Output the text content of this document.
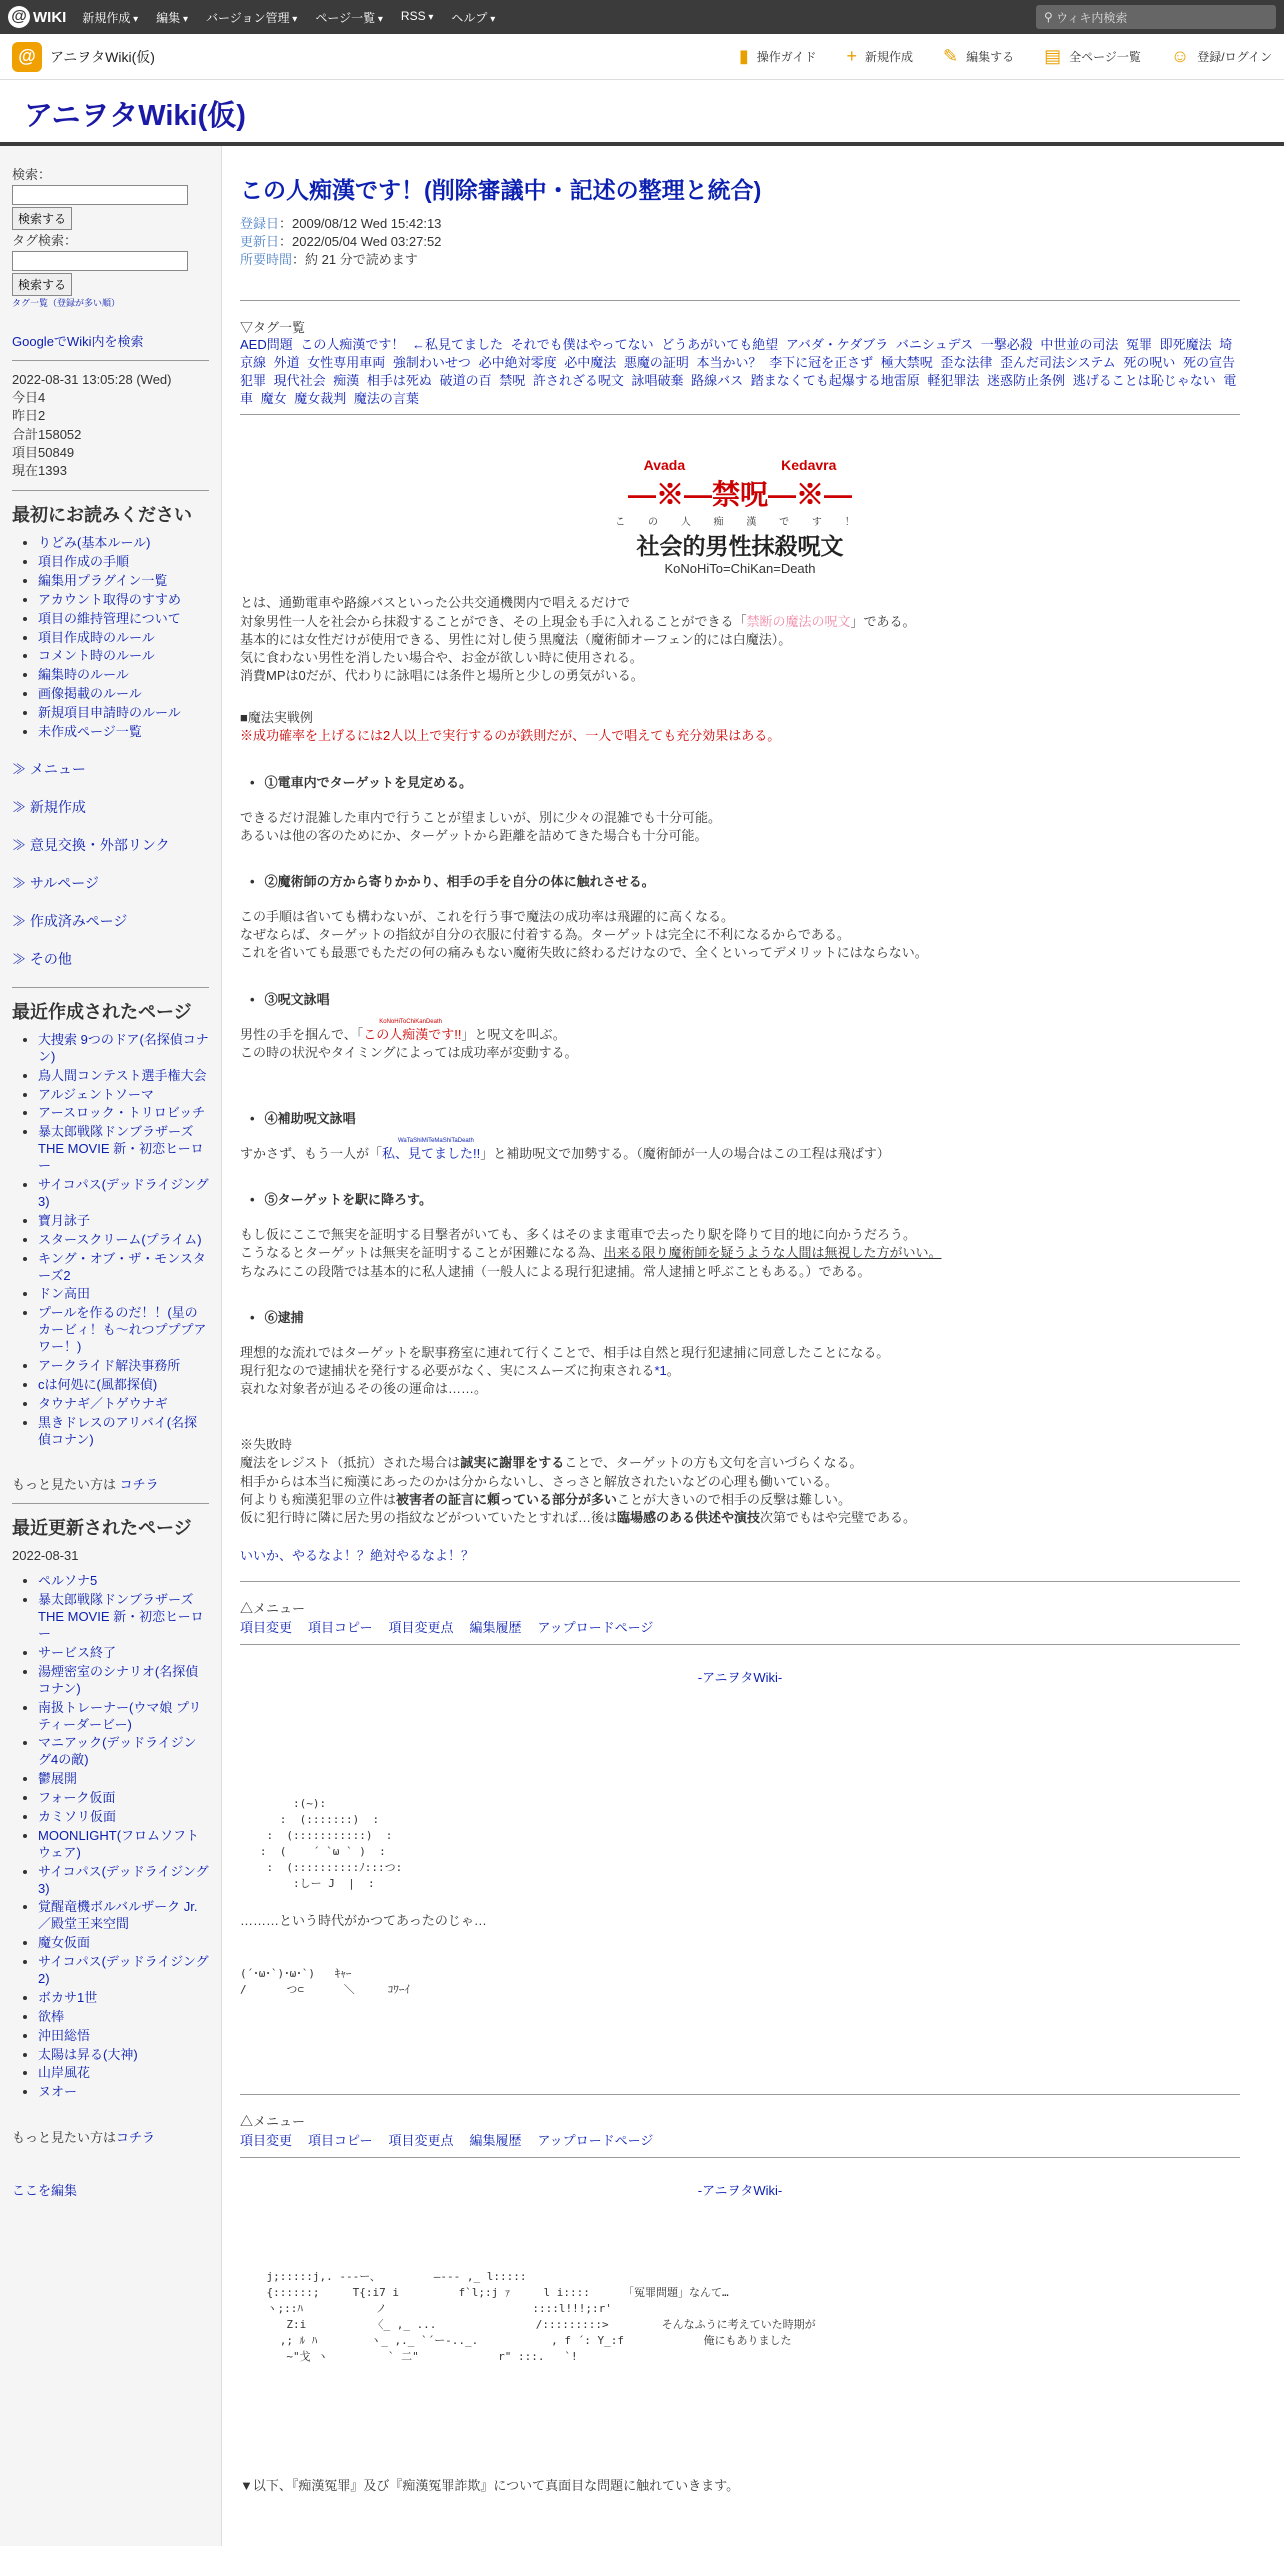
@ WIKI 新規作成 ▾	編集 ▾	バージョン管理 ▾	ページ一覧 ▾	RSS ▾	ヘルプ ▾	⚲ ウィキ内検索
@	アニヲタWiki(仮)	▮ 操作ガイド + 新規作成 ✎ 編集する ▤ 全ページ一覧 ☺ 登録/ログイン
アニヲタWiki(仮)
検索：

検索する
タグ検索：

検索する
タグ一覧（登録が多い順）
GoogleでWiki内を検索
2022-08-31 13:05:28 (Wed)
今日4
昨日2
合計158052
項目50849
現在1393
最初にお読みください
• りどみ(基本ルール)
• 項目作成の手順
• 編集用プラグイン一覧
• アカウント取得のすすめ
• 項目の維持管理について
• 項目作成時のルール
• コメント時のルール
• 編集時のルール
• 画像掲載のルール
• 新規項目申請時のルール
• 未作成ページ一覧
≫ メニュー
≫ 新規作成
≫ 意見交換・外部リンク
≫ サルページ
≫ 作成済みページ
≫ その他
最近作成されたページ
• 大捜索 9つのドア(名探偵コナン)
• 鳥人間コンテスト選手権大会
• アルジェントソーマ
• アースロック・トリロビッチ
• 暴太郎戦隊ドンブラザーズ THE MOVIE 新・初恋ヒーロー
• サイコパス(デッドライジング3)
• 寶月詠子
• スタースクリーム(プライム)
• キング・オブ・ザ・モンスターズ2
• ドン高田
• プールを作るのだ！！(星のカービィ！も〜れつプププアワー！)
• アークライド解決事務所
• cは何処に(風都探偵)
• タウナギ／トゲウナギ
• 黒きドレスのアリバイ(名探偵コナン)
もっと見たい方は コチラ
最近更新されたページ
2022-08-31
• ペルソナ5
• 暴太郎戦隊ドンブラザーズ THE MOVIE 新・初恋ヒーロー
• サービス終了
• 湯煙密室のシナリオ(名探偵コナン)
• 南扱トレーナー(ウマ娘 プリティーダービー)
• マニアック(デッドライジング4の敵)
• 鬱展開
• フォーク仮面
• カミソリ仮面
• MOONLIGHT(フロムソフトウェア)
• サイコパス(デッドライジング3)
• 覚醒竜機ボルバルザーク Jr.／殿堂王来空間
• 魔女仮面
• サイコパス(デッドライジング2)
• ボカサ1世
• 欲棒
• 沖田総悟
• 太陽は昇る(大神)
• 山岸風花
• ヌオー
もっと見たい方はコチラ
ここを編集
この人痴漢です！(削除審議中・記述の整理と統合)
登録日：2009/08/12 Wed 15:42:13
更新日：2022/05/04 Wed 03:27:52
所要時間：約 21 分で読めます
▽タグ一覧
AED問題 この人痴漢です！ ←私見てました それでも僕はやってない どうあがいても絶望 アバダ・ケダブラ バニシュデス 一撃必殺 中世並の司法 冤罪 即死魔法 埼京線 外道 女性専用車両 強制わいせつ 必中絶対零度 必中魔法 悪魔の証明 本当かい？ 李下に冠を正さず 極大禁呪 歪な法律 歪んだ司法システム 死の呪い 死の宣告 犯罪 現代社会 痴漢 相手は死ぬ 破道の百 禁呪 許されざる呪文 詠唱破棄 路線バス 踏まなくても起爆する地雷原 軽犯罪法 迷惑防止条例 逃げることは恥じゃない 電車 魔女 魔女裁判 魔法の言葉
Avada	Kedavra
―※―禁呪―※―
こ の 人 痴 漢 で す ！
社会的男性抹殺呪文
KoNoHiTo=ChiKan=Death

とは、通勤電車や路線バスといった公共交通機関内で唱えるだけで

対象男性一人を社会から抹殺することができ、その上現金も手に入れることができる「禁断の魔法の呪文」である。

基本的には女性だけが使用できる、男性に対し使う黒魔法（魔術師オーフェン的には白魔法）。

気に食わない男性を消したい場合や、お金が欲しい時に使用される。

消費MPは0だが、代わりに詠唱には条件と場所と少しの勇気がいる。

■魔法実戦例

※成功確率を上げるには2人以上で実行するのが鉄則だが、一人で唱えても充分効果はある。

• ①電車内でターゲットを見定める。

できるだけ混雑した車内で行うことが望ましいが、別に少々の混雑でも十分可能。

あるいは他の客のためにか、ターゲットから距離を詰めてきた場合も十分可能。

• ②魔術師の方から寄りかかり、相手の手を自分の体に触れさせる。

この手順は省いても構わないが、これを行う事で魔法の成功率は飛躍的に高くなる。

なぜならば、ターゲットの指紋が自分の衣服に付着する為。ターゲットは完全に不利になるからである。

これを省いても最悪でもただの何の痛みもない魔術失敗に終わるだけなので、全くといってデメリットにはならない。

• ③呪文詠唱

男性の手を掴んで、「
KoNoHiToChiKanDeath
この人痴漢です!!」と呪文を叫ぶ。

この時の状況やタイミングによっては成功率が変動する。

• ④補助呪文詠唱

すかさず、もう一人が「
WaTaShiMiTeMaShiTaDeath
私、見てました!!」と補助呪文で加勢する。（魔術師が一人の場合はこの工程は飛ばす）

• ⑤ターゲットを駅に降ろす。

もし仮にここで無実を証明する目撃者がいても、多くはそのまま電車で去ったり駅を降りて目的地に向かうだろう。

こうなるとターゲットは無実を証明することが困難になる為、出来る限り魔術師を疑うような人間は無視した方がいい。

ちなみにこの段階では基本的に私人逮捕（一般人による現行犯逮捕。常人逮捕と呼ぶこともある。）である。

• ⑥逮捕

理想的な流れではターゲットを駅事務室に連れて行くことで、相手は自然と現行犯逮捕に同意したことになる。

現行犯なので逮捕状を発行する必要がなく、実にスムーズに拘束される*1。

哀れな対象者が辿るその後の運命は……。

※失敗時

魔法をレジスト（抵抗）された場合は誠実に謝罪をすることで、ターゲットの方も文句を言いづらくなる。

相手からは本当に痴漢にあったのかは分からないし、さっさと解放されたいなどの心理も働いている。

何よりも痴漢犯罪の立件は被害者の証言に頼っている部分が多いことが大きいので相手の反撃は難しい。

仮に犯行時に隣に居た男の指紋などがついていたとすれば…後は臨場感のある供述や演技次第でもはや完璧である。

いいか、やるなよ！？絶対やるなよ！？

△メニュー
項目変更 項目コピー 項目変更点 編集履歴 アップロードページ
-アニヲタWiki-
:(~):
:  (:::::::)  :
:  (:::::::::::)  :
:  (    ´ `ω ` )  :
:  (::::::::::ﾉ:::つ:
:しー J  |  :

………という時代がかつてあったのじゃ…

(´･ω･`)･ω･`)   ｷｬｰ
/      つ⊂      ＼     ｺﾜｰｲ
△メニュー
項目変更 項目コピー 項目変更点 編集履歴 アップロードページ
-アニヲタWiki-
j;:::::j,. ---ー、        —--- ,_ l:::::
{::::::;     T{:i7 i         f`l;:j ｧ     l i::::     「冤罪問題」なんて…
ヽ;::ﾊ           ノ                      ::::l!!!;:r'
Z:i          〈_ ,_ ...               /:::::::::>        そんなふうに考えていた時期が
,; ﾙ ﾊ        ヽ_ ,._ `´ー-.._.           , f ´: Y_:f            俺にもありました
~"戈 ヽ         ` 二"            r" :::.   `!

▼以下、『痴漢冤罪』及び『痴漢冤罪詐欺』について真面目な問題に触れていきます。
